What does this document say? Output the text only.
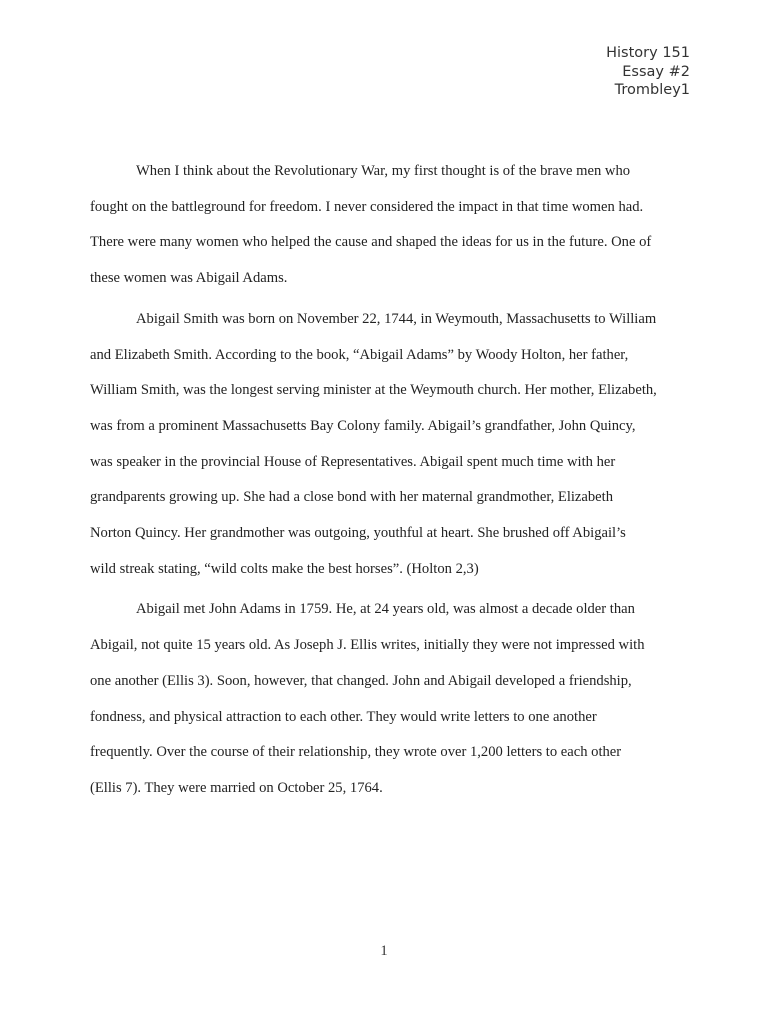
History 151
Essay #2
Trombley1

When I think about the Revolutionary War, my first thought is of the brave men who
fought on the battleground for freedom. I never considered the impact in that time women had.
There were many women who helped the cause and shaped the ideas for us in the future. One of
these women was Abigail Adams.

Abigail Smith was born on November 22, 1744, in Weymouth, Massachusetts to William
and Elizabeth Smith. According to the book, “Abigail Adams” by Woody Holton, her father,
William Smith, was the longest serving minister at the Weymouth church. Her mother, Elizabeth,
was from a prominent Massachusetts Bay Colony family. Abigail’s grandfather, John Quincy,
was speaker in the provincial House of Representatives. Abigail spent much time with her
grandparents growing up. She had a close bond with her maternal grandmother, Elizabeth
Norton Quincy. Her grandmother was outgoing, youthful at heart. She brushed off Abigail’s
wild streak stating, “wild colts make the best horses”. (Holton 2,3)

Abigail met John Adams in 1759. He, at 24 years old, was almost a decade older than
Abigail, not quite 15 years old. As Joseph J. Ellis writes, initially they were not impressed with
one another (Ellis 3). Soon, however, that changed. John and Abigail developed a friendship,
fondness, and physical attraction to each other. They would write letters to one another
frequently. Over the course of their relationship, they wrote over 1,200 letters to each other
(Ellis 7). They were married on October 25, 1764.

1
